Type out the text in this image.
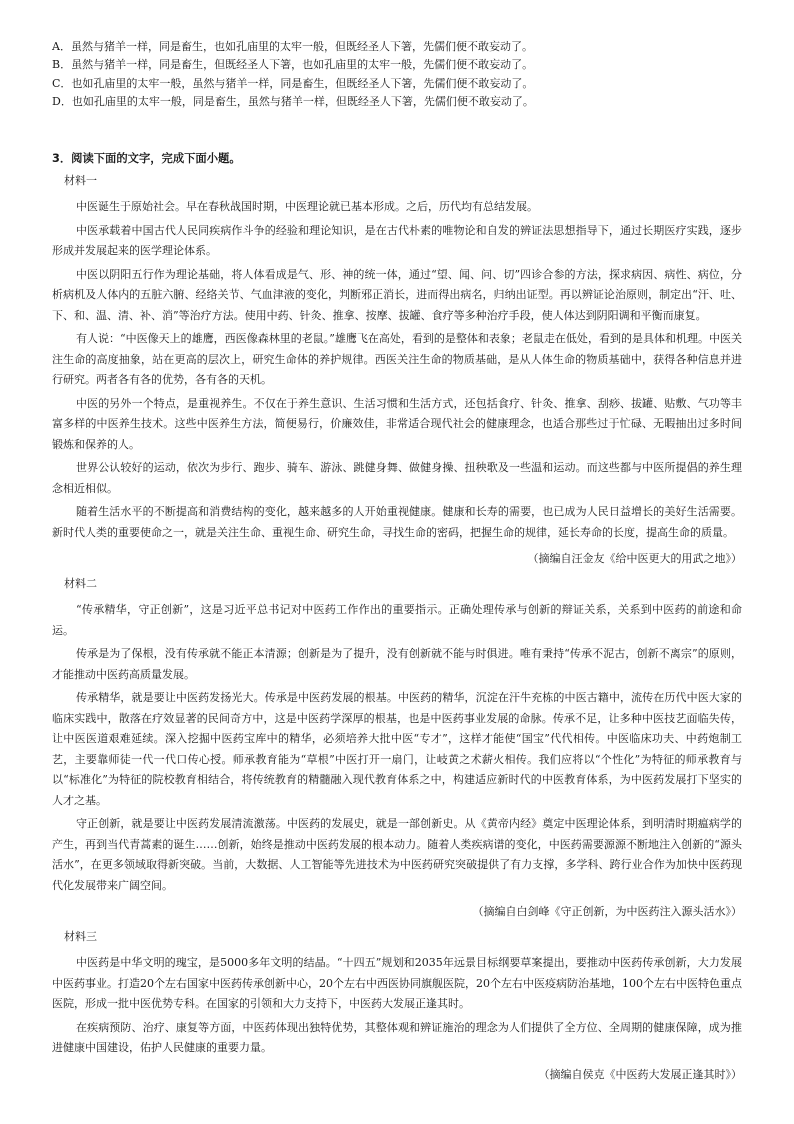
A．虽然与猪羊一样，同是畜生，也如孔庙里的太牢一般，但既经圣人下箸，先儒们便不敢妄动了。
B．虽然与猪羊一样，同是畜生，但既经圣人下箸，也如孔庙里的太牢一般，先儒们便不敢妄动了。
C．也如孔庙里的太牢一般，虽然与猪羊一样，同是畜生，但既经圣人下箸，先儒们便不敢妄动了。
D．也如孔庙里的太牢一般，同是畜生，虽然与猪羊一样，但既经圣人下箸，先儒们便不敢妄动了。
3．阅读下面的文字，完成下面小题。
材料一

中医诞生于原始社会。早在春秋战国时期，中医理论就已基本形成。之后，历代均有总结发展。

中医承载着中国古代人民同疾病作斗争的经验和理论知识，是在古代朴素的唯物论和自发的辨证法思想指导下，通过长期医疗实践，逐步形成并发展起来的医学理论体系。

中医以阴阳五行作为理论基础，将人体看成是气、形、神的统一体，通过“望、闻、问、切”四诊合参的方法，探求病因、病性、病位，分析病机及人体内的五脏六腑、经络关节、气血津液的变化，判断邪正消长，进而得出病名，归纳出证型。再以辨证论治原则，制定出“汗、吐、下、和、温、清、补、消”等治疗方法。使用中药、针灸、推拿、按摩、拔罐、食疗等多种治疗手段，使人体达到阴阳调和平衡而康复。

有人说：“中医像天上的雄鹰，西医像森林里的老鼠。”雄鹰飞在高处，看到的是整体和表象；老鼠走在低处，看到的是具体和机理。中医关注生命的高度抽象，站在更高的层次上，研究生命体的养护规律。西医关注生命的物质基础，是从人体生命的物质基础中，获得各种信息并进行研究。两者各有各的优势，各有各的天机。

中医的另外一个特点，是重视养生。不仅在于养生意识、生活习惯和生活方式，还包括食疗、针灸、推拿、刮痧、拔罐、贴敷、气功等丰富多样的中医养生技术。这些中医养生方法，简便易行，价廉效佳，非常适合现代社会的健康理念，也适合那些过于忙碌、无暇抽出过多时间锻炼和保养的人。

世界公认较好的运动，依次为步行、跑步、骑车、游泳、跳健身舞、做健身操、扭秧歌及一些温和运动。而这些都与中医所提倡的养生理念相近相似。

随着生活水平的不断提高和消费结构的变化，越来越多的人开始重视健康。健康和长寿的需要，也已成为人民日益增长的美好生活需要。新时代人类的重要使命之一，就是关注生命、重视生命、研究生命，寻找生命的密码，把握生命的规律，延长寿命的长度，提高生命的质量。

（摘编自汪金友《给中医更大的用武之地》）
材料二

“传承精华，守正创新”，这是习近平总书记对中医药工作作出的重要指示。正确处理传承与创新的辩证关系，关系到中医药的前途和命运。

传承是为了保根，没有传承就不能正本清源；创新是为了提升，没有创新就不能与时俱进。唯有秉持“传承不泥古，创新不离宗”的原则，才能推动中医药高质量发展。

传承精华，就是要让中医药发扬光大。传承是中医药发展的根基。中医药的精华，沉淀在汗牛充栋的中医古籍中，流传在历代中医大家的临床实践中，散落在疗效显著的民间奇方中，这是中医药学深厚的根基，也是中医药事业发展的命脉。传承不足，让多种中医技艺面临失传，让中医医道艰难延续。深入挖掘中医药宝库中的精华，必须培养大批中医“专才”，这样才能使“国宝”代代相传。中医临床功夫、中药炮制工艺，主要靠师徒一代一代口传心授。师承教育能为“草根”中医打开一扇门，让岐黄之术薪火相传。我们应将以“个性化”为特征的师承教育与以“标准化”为特征的院校教育相结合，将传统教育的精髓融入现代教育体系之中，构建适应新时代的中医教育体系，为中医药发展打下坚实的人才之基。

守正创新，就是要让中医药发展清流激荡。中医药的发展史，就是一部创新史。从《黄帝内经》奠定中医理论体系，到明清时期瘟病学的产生，再到当代青蒿素的诞生……创新，始终是推动中医药发展的根本动力。随着人类疾病谱的变化，中医药需要源源不断地注入创新的“源头活水”，在更多领域取得新突破。当前，大数据、人工智能等先进技术为中医药研究突破提供了有力支撑，多学科、跨行业合作为加快中医药现代化发展带来广阔空间。

（摘编自白剑峰《守正创新，为中医药注入源头活水》）
材料三

中医药是中华文明的瑰宝，是5000多年文明的结晶。“十四五”规划和2035年远景目标纲要草案提出，要推动中医药传承创新，大力发展中医药事业。打造20个左右国家中医药传承创新中心，20个左右中西医协同旗舰医院，20个左右中医疫病防治基地，100个左右中医特色重点医院，形成一批中医优势专科。在国家的引领和大力支持下，中医药大发展正逢其时。

在疾病预防、治疗、康复等方面，中医药体现出独特优势，其整体观和辨证施治的理念为人们提供了全方位、全周期的健康保障，成为推进健康中国建设，佑护人民健康的重要力量。

（摘编自侯克《中医药大发展正逢其时》）
